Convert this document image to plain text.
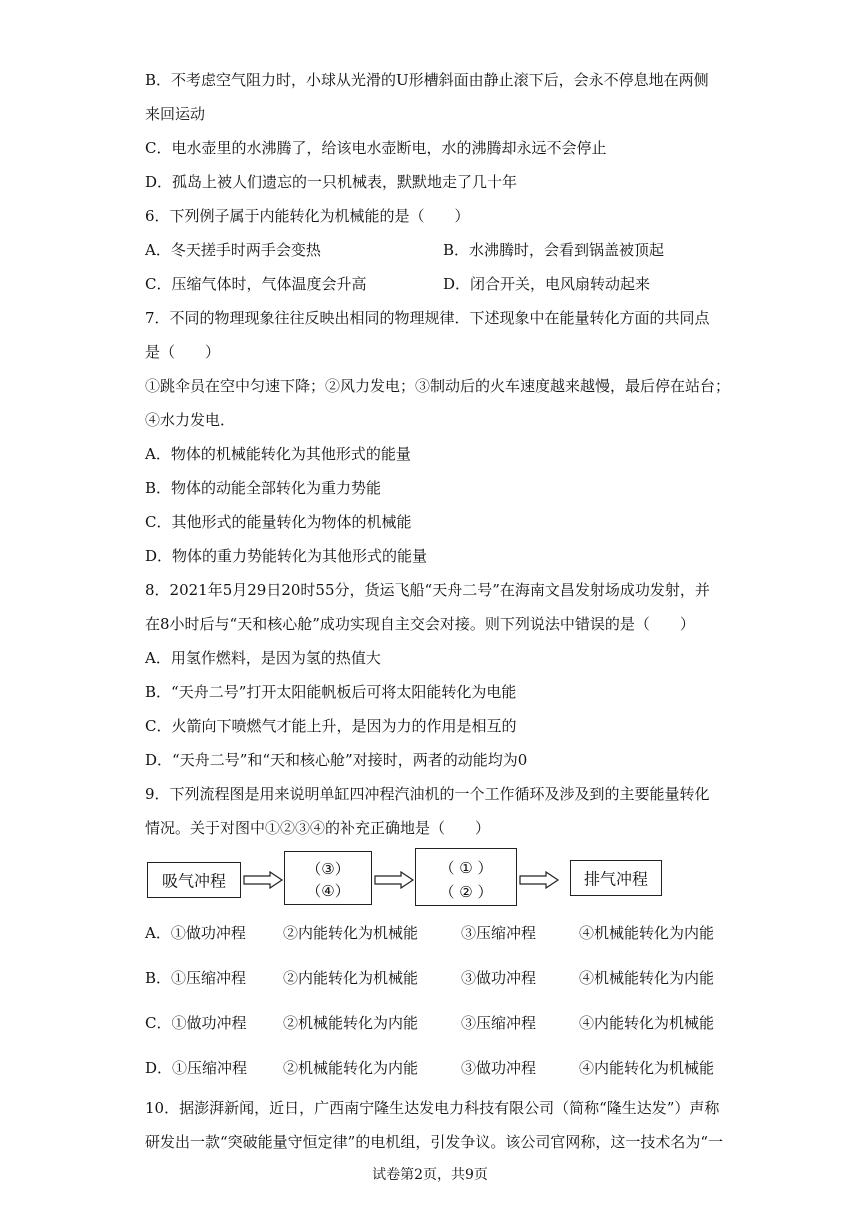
B．不考虑空气阻力时，小球从光滑的U形槽斜面由静止滚下后，会永不停息地在两侧
来回运动
C．电水壶里的水沸腾了，给该电水壶断电，水的沸腾却永远不会停止
D．孤岛上被人们遗忘的一只机械表，默默地走了几十年
6．下列例子属于内能转化为机械能的是（　　）
A．冬天搓手时两手会变热	B．水沸腾时，会看到锅盖被顶起
C．压缩气体时，气体温度会升高	D．闭合开关，电风扇转动起来
7．不同的物理现象往往反映出相同的物理规律．下述现象中在能量转化方面的共同点
是（　　）
①跳伞员在空中匀速下降；②风力发电；③制动后的火车速度越来越慢，最后停在站台；
④水力发电．
A．物体的机械能转化为其他形式的能量
B．物体的动能全部转化为重力势能
C．其他形式的能量转化为物体的机械能
D．物体的重力势能转化为其他形式的能量
8．2021年5月29日20时55分，货运飞船“天舟二号”在海南文昌发射场成功发射，并
在8小时后与“天和核心舱”成功实现自主交会对接。则下列说法中错误的是（　　）
A．用氢作燃料，是因为氢的热值大
B．“天舟二号”打开太阳能帆板后可将太阳能转化为电能
C．火箭向下喷燃气才能上升，是因为力的作用是相互的
D．“天舟二号”和“天和核心舱”对接时，两者的动能均为0
9．下列流程图是用来说明单缸四冲程汽油机的一个工作循环及涉及到的主要能量转化
情况。关于对图中①②③④的补充正确地是（　　）
吸气冲程
（③）
（④）
（ ① ）
（ ② ）
排气冲程
A．①做功冲程 ②内能转化为机械能	③压缩冲程	④机械能转化为内能
B．①压缩冲程 ②内能转化为机械能	③做功冲程	④机械能转化为内能
C．①做功冲程 ②机械能转化为内能	③压缩冲程	④内能转化为机械能
D．①压缩冲程 ②机械能转化为内能	③做功冲程	④内能转化为机械能
10．据澎湃新闻，近日，广西南宁隆生达发电力科技有限公司（简称“隆生达发”）声称
研发出一款“突破能量守恒定律”的电机组，引发争议。该公司官网称，这一技术名为“一
试卷第2页，共9页
